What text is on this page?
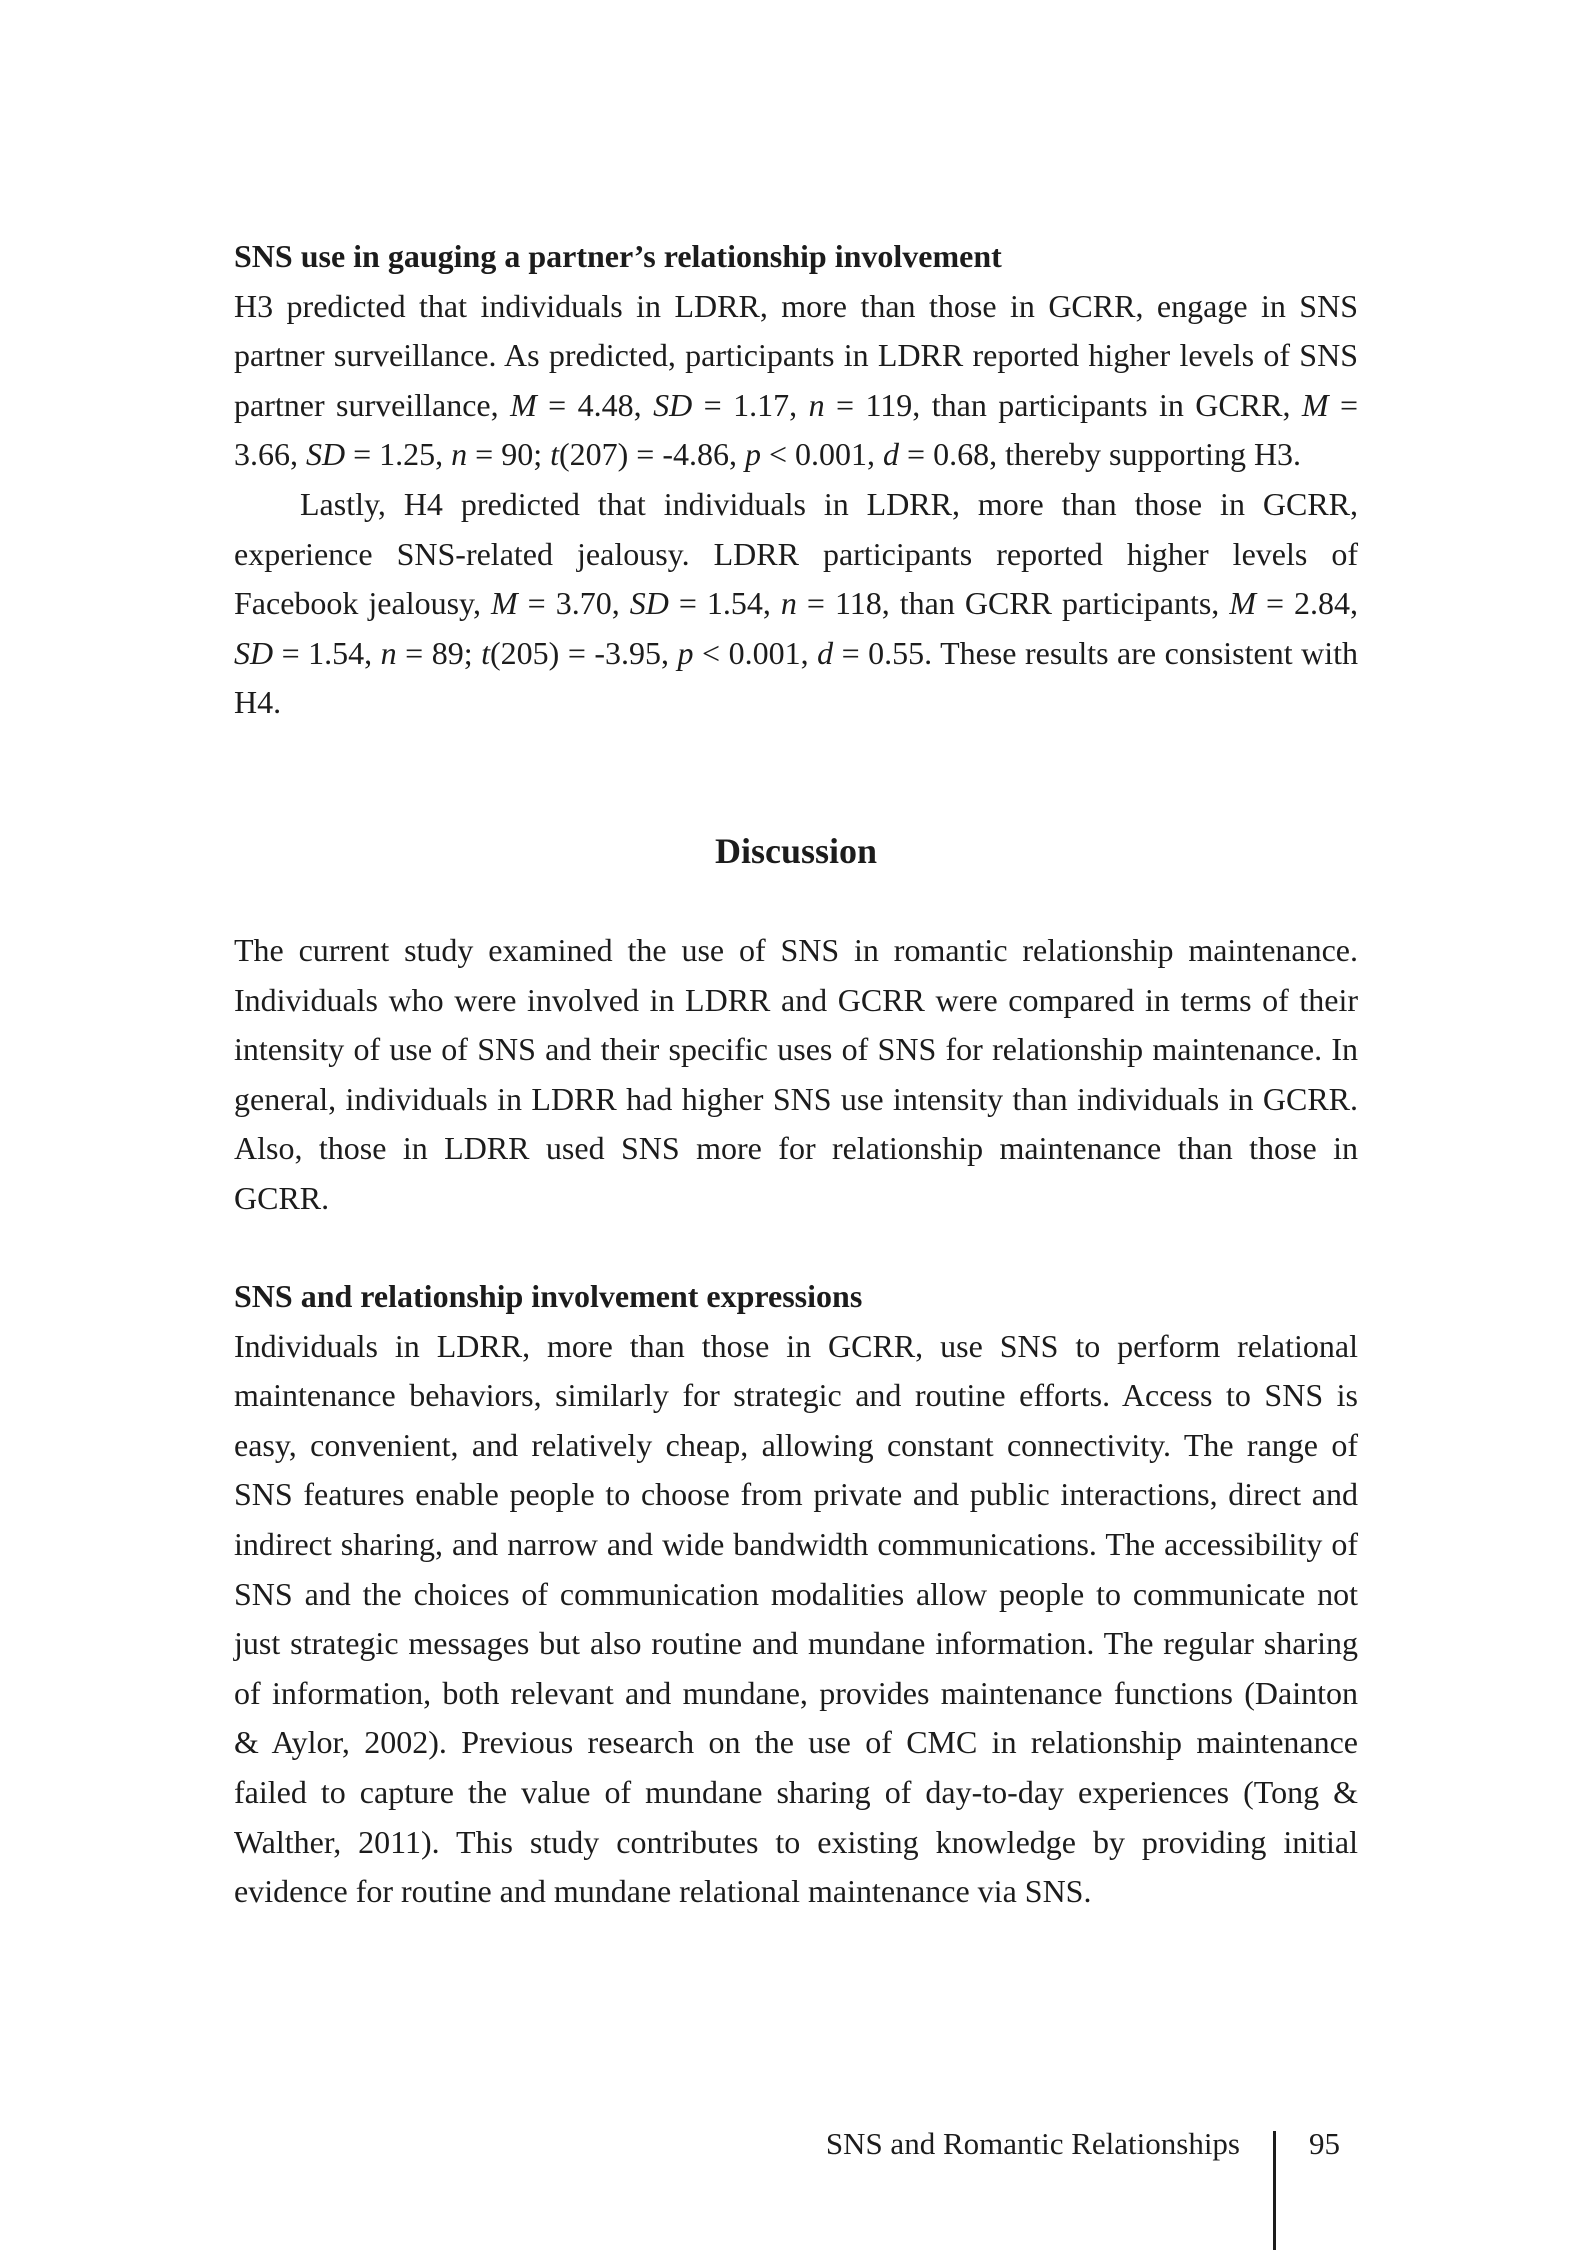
SNS use in gauging a partner’s relationship involvement

H3 predicted that individuals in LDRR, more than those in GCRR, engage in SNS partner surveillance. As predicted, participants in LDRR reported higher levels of SNS partner surveillance, M = 4.48, SD = 1.17, n = 119, than participants in GCRR, M = 3.66, SD = 1.25, n = 90; t(207) = -4.86, p < 0.001, d = 0.68, thereby supporting H3.

Lastly, H4 predicted that individuals in LDRR, more than those in GCRR, experience SNS-related jealousy. LDRR participants reported higher levels of Facebook jealousy, M = 3.70, SD = 1.54, n = 118, than GCRR participants, M = 2.84, SD = 1.54, n = 89; t(205) = -3.95, p < 0.001, d = 0.55. These results are consistent with H4.

Discussion

The current study examined the use of SNS in romantic relationship maintenance. Individuals who were involved in LDRR and GCRR were compared in terms of their intensity of use of SNS and their specific uses of SNS for relationship maintenance. In general, individuals in LDRR had higher SNS use intensity than individuals in GCRR. Also, those in LDRR used SNS more for relationship maintenance than those in GCRR.

SNS and relationship involvement expressions

Individuals in LDRR, more than those in GCRR, use SNS to perform relational maintenance behaviors, similarly for strategic and routine efforts. Access to SNS is easy, convenient, and relatively cheap, allowing constant connectivity. The range of SNS features enable people to choose from private and public interactions, direct and indirect sharing, and narrow and wide bandwidth communications. The accessibility of SNS and the choices of communication modalities allow people to communicate not just strategic messages but also routine and mundane information. The regular sharing of information, both relevant and mundane, provides maintenance functions (Dainton & Aylor, 2002). Previous research on the use of CMC in relationship maintenance failed to capture the value of mundane sharing of day-to-day experiences (Tong & Walther, 2011). This study contributes to existing knowledge by providing initial evidence for routine and mundane relational maintenance via SNS.

SNS and Romantic Relationships 95
